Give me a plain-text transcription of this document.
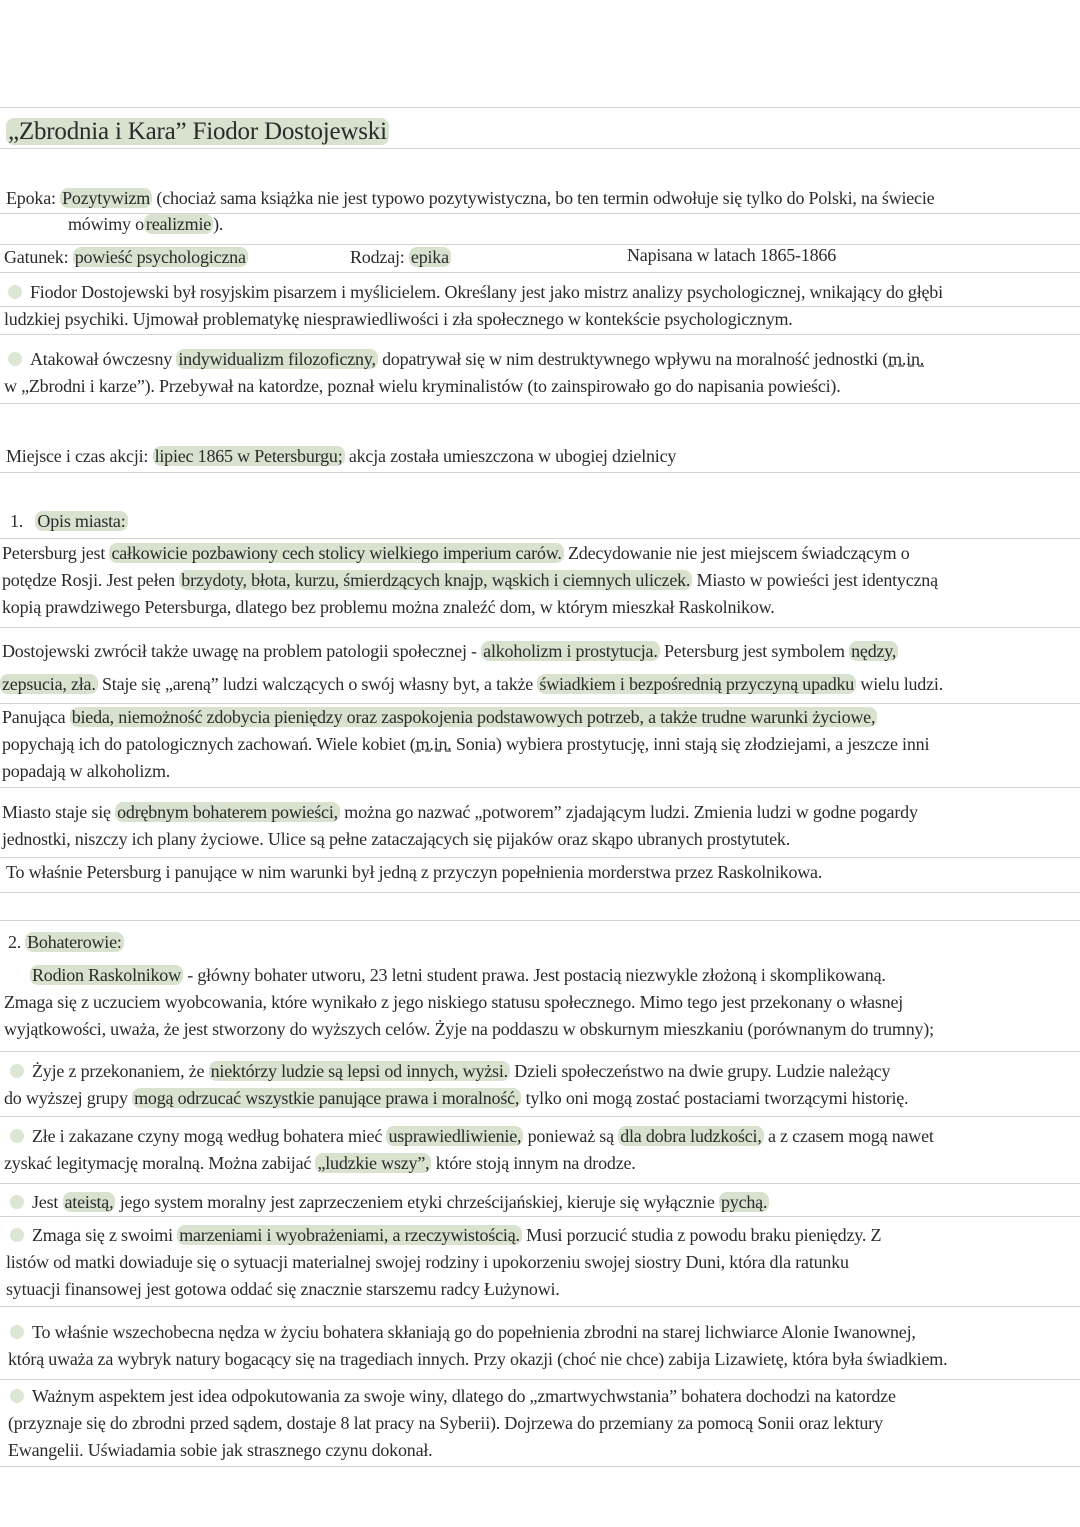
„Zbrodnia i Kara” Fiodor Dostojewski
Epoka: Pozytywizm (chociaż sama książka nie jest typowo pozytywistyczna, bo ten termin odwołuje się tylko do Polski, na świecie
mówimy o realizmie ).
Gatunek: powieść psychologiczna	Rodzaj: epika	Napisana w latach 1865-1866
Fiodor Dostojewski był rosyjskim pisarzem i myślicielem. Określany jest jako mistrz analizy psychologicznej, wnikający do głębi
ludzkiej psychiki. Ujmował problematykę niesprawiedliwości i zła społecznego w kontekście psychologicznym.
Atakował ówczesny indywidualizm filozoficzny, dopatrywał się w nim destruktywnego wpływu na moralność jednostki (m.in.
w „Zbrodni i karze”). Przebywał na katordze, poznał wielu kryminalistów (to zainspirowało go do napisania powieści).
Miejsce i czas akcji: lipiec 1865 w Petersburgu; akcja została umieszczona w ubogiej dzielnicy
1. Opis miasta:
Petersburg jest całkowicie pozbawiony cech stolicy wielkiego imperium carów. Zdecydowanie nie jest miejscem świadczącym o
potędze Rosji. Jest pełen brzydoty, błota, kurzu, śmierdzących knajp, wąskich i ciemnych uliczek. Miasto w powieści jest identyczną
kopią prawdziwego Petersburga, dlatego bez problemu można znaleźć dom, w którym mieszkał Raskolnikow.
Dostojewski zwrócił także uwagę na problem patologii społecznej - alkoholizm i prostytucja. Petersburg jest symbolem nędzy,
zepsucia, zła. Staje się „areną” ludzi walczących o swój własny byt, a także świadkiem i bezpośrednią przyczyną upadku wielu ludzi.
Panująca bieda, niemożność zdobycia pieniędzy oraz zaspokojenia podstawowych potrzeb, a także trudne warunki życiowe,
popychają ich do patologicznych zachowań. Wiele kobiet (m.in. Sonia) wybiera prostytucję, inni stają się złodziejami, a jeszcze inni
popadają w alkoholizm.
Miasto staje się odrębnym bohaterem powieści, można go nazwać „potworem” zjadającym ludzi. Zmienia ludzi w godne pogardy
jednostki, niszczy ich plany życiowe. Ulice są pełne zataczających się pijaków oraz skąpo ubranych prostytutek.
To właśnie Petersburg i panujące w nim warunki był jedną z przyczyn popełnienia morderstwa przez Raskolnikowa.
2. Bohaterowie:
Rodion Raskolnikow - główny bohater utworu, 23 letni student prawa. Jest postacią niezwykle złożoną i skomplikowaną.
Zmaga się z uczuciem wyobcowania, które wynikało z jego niskiego statusu społecznego. Mimo tego jest przekonany o własnej
wyjątkowości, uważa, że jest stworzony do wyższych celów. Żyje na poddaszu w obskurnym mieszkaniu (porównanym do trumny);
Żyje z przekonaniem, że niektórzy ludzie są lepsi od innych, wyżsi. Dzieli społeczeństwo na dwie grupy. Ludzie należący
do wyższej grupy mogą odrzucać wszystkie panujące prawa i moralność, tylko oni mogą zostać postaciami tworzącymi historię.
Złe i zakazane czyny mogą według bohatera mieć usprawiedliwienie, ponieważ są dla dobra ludzkości, a z czasem mogą nawet
zyskać legitymację moralną. Można zabijać „ludzkie wszy”, które stoją innym na drodze.
Jest ateistą, jego system moralny jest zaprzeczeniem etyki chrześcijańskiej, kieruje się wyłącznie pychą.
Zmaga się z swoimi marzeniami i wyobrażeniami, a rzeczywistością. Musi porzucić studia z powodu braku pieniędzy. Z
listów od matki dowiaduje się o sytuacji materialnej swojej rodziny i upokorzeniu swojej siostry Duni, która dla ratunku
sytuacji finansowej jest gotowa oddać się znacznie starszemu radcy Łużynowi.
To właśnie wszechobecna nędza w życiu bohatera skłaniają go do popełnienia zbrodni na starej lichwiarce Alonie Iwanownej,
którą uważa za wybryk natury bogacący się na tragediach innych. Przy okazji (choć nie chce) zabija Lizawietę, która była świadkiem.
Ważnym aspektem jest idea odpokutowania za swoje winy, dlatego do „zmartwychwstania” bohatera dochodzi na katordze
(przyznaje się do zbrodni przed sądem, dostaje 8 lat pracy na Syberii). Dojrzewa do przemiany za pomocą Sonii oraz lektury
Ewangelii. Uświadamia sobie jak strasznego czynu dokonał.
